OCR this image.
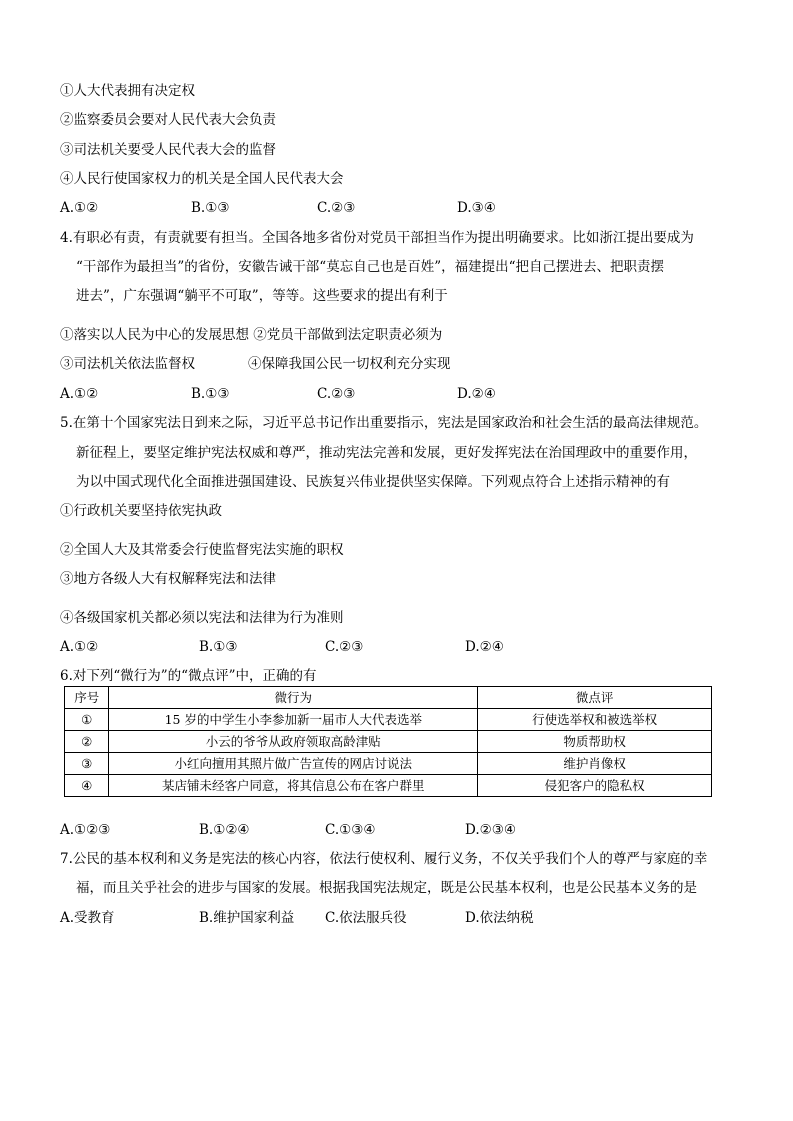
①人大代表拥有决定权
②监察委员会要对人民代表大会负责
③司法机关要受人民代表大会的监督
④人民行使国家权力的机关是全国人民代表大会
A.①②	B.①③	C.②③	D.③④
4.有职必有责，有责就要有担当。全国各地多省份对党员干部担当作为提出明确要求。比如浙江提出要成为
“干部作为最担当”的省份，安徽告诫干部“莫忘自己也是百姓”，福建提出“把自己摆进去、把职责摆
进去”，广东强调“躺平不可取”，等等。这些要求的提出有利于
①落实以人民为中心的发展思想 ②党员干部做到法定职责必须为
③司法机关依法监督权	④保障我国公民一切权利充分实现
A.①②	B.①③	C.②③	D.②④
5.在第十个国家宪法日到来之际，习近平总书记作出重要指示，宪法是国家政治和社会生活的最高法律规范。
新征程上，要坚定维护宪法权威和尊严，推动宪法完善和发展，更好发挥宪法在治国理政中的重要作用，
为以中国式现代化全面推进强国建设、民族复兴伟业提供坚实保障。下列观点符合上述指示精神的有
①行政机关要坚持依宪执政
②全国人大及其常委会行使监督宪法实施的职权
③地方各级人大有权解释宪法和法律
④各级国家机关都必须以宪法和法律为行为准则
A.①②	B.①③	C.②③	D.②④
6.对下列“微行为”的“微点评”中，正确的有
序号	微行为	微点评
①	15 岁的中学生小李参加新一届市人大代表选举	行使选举权和被选举权
②	小云的爷爷从政府领取高龄津贴	物质帮助权
③	小红向擅用其照片做广告宣传的网店讨说法	维护肖像权
④	某店铺未经客户同意，将其信息公布在客户群里	侵犯客户的隐私权
A.①②③	B.①②④	C.①③④	D.②③④
7.公民的基本权利和义务是宪法的核心内容，依法行使权利、履行义务，不仅关乎我们个人的尊严与家庭的幸
福，而且关乎社会的进步与国家的发展。根据我国宪法规定，既是公民基本权利，也是公民基本义务的是
A.受教育	B.维护国家利益 C.依法服兵役	D.依法纳税
